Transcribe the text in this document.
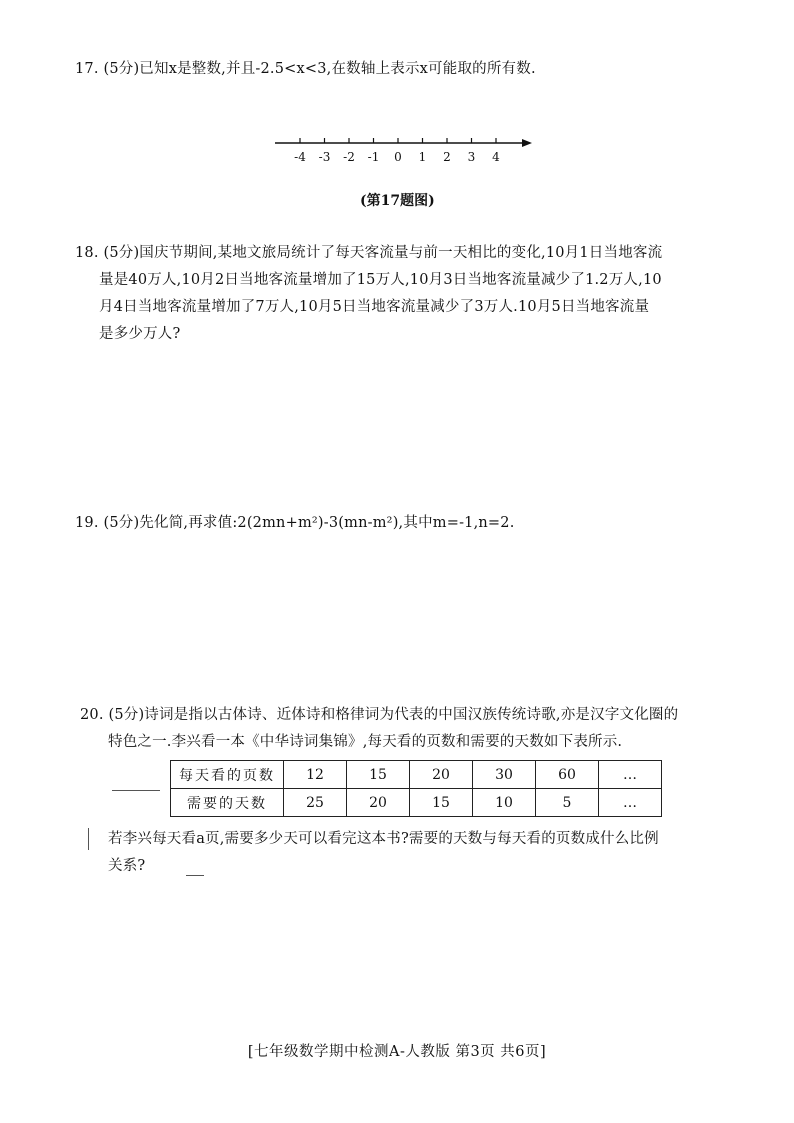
17. (5分)已知x是整数,并且-2.5<x<3,在数轴上表示x可能取的所有数.

-4 -3 -2 -1 0 1 2 3 4
(第17题图)

18. (5分)国庆节期间,某地文旅局统计了每天客流量与前一天相比的变化,10月1日当地客流

量是40万人,10月2日当地客流量增加了15万人,10月3日当地客流量减少了1.2万人,10

月4日当地客流量增加了7万人,10月5日当地客流量减少了3万人.10月5日当地客流量

是多少万人?

19. (5分)先化简,再求值:2(2mn+m²)-3(mn-m²),其中m=-1,n=2.

20. (5分)诗词是指以古体诗、近体诗和格律词为代表的中国汉族传统诗歌,亦是汉字文化圈的

特色之一.李兴看一本《中华诗词集锦》,每天看的页数和需要的天数如下表所示.

每天看的页数	12	15	20	30	60	…
需要的天数	25	20	15	10	5	…

若李兴每天看a页,需要多少天可以看完这本书?需要的天数与每天看的页数成什么比例

关系?

[七年级数学期中检测A-人教版 第3页 共6页]
